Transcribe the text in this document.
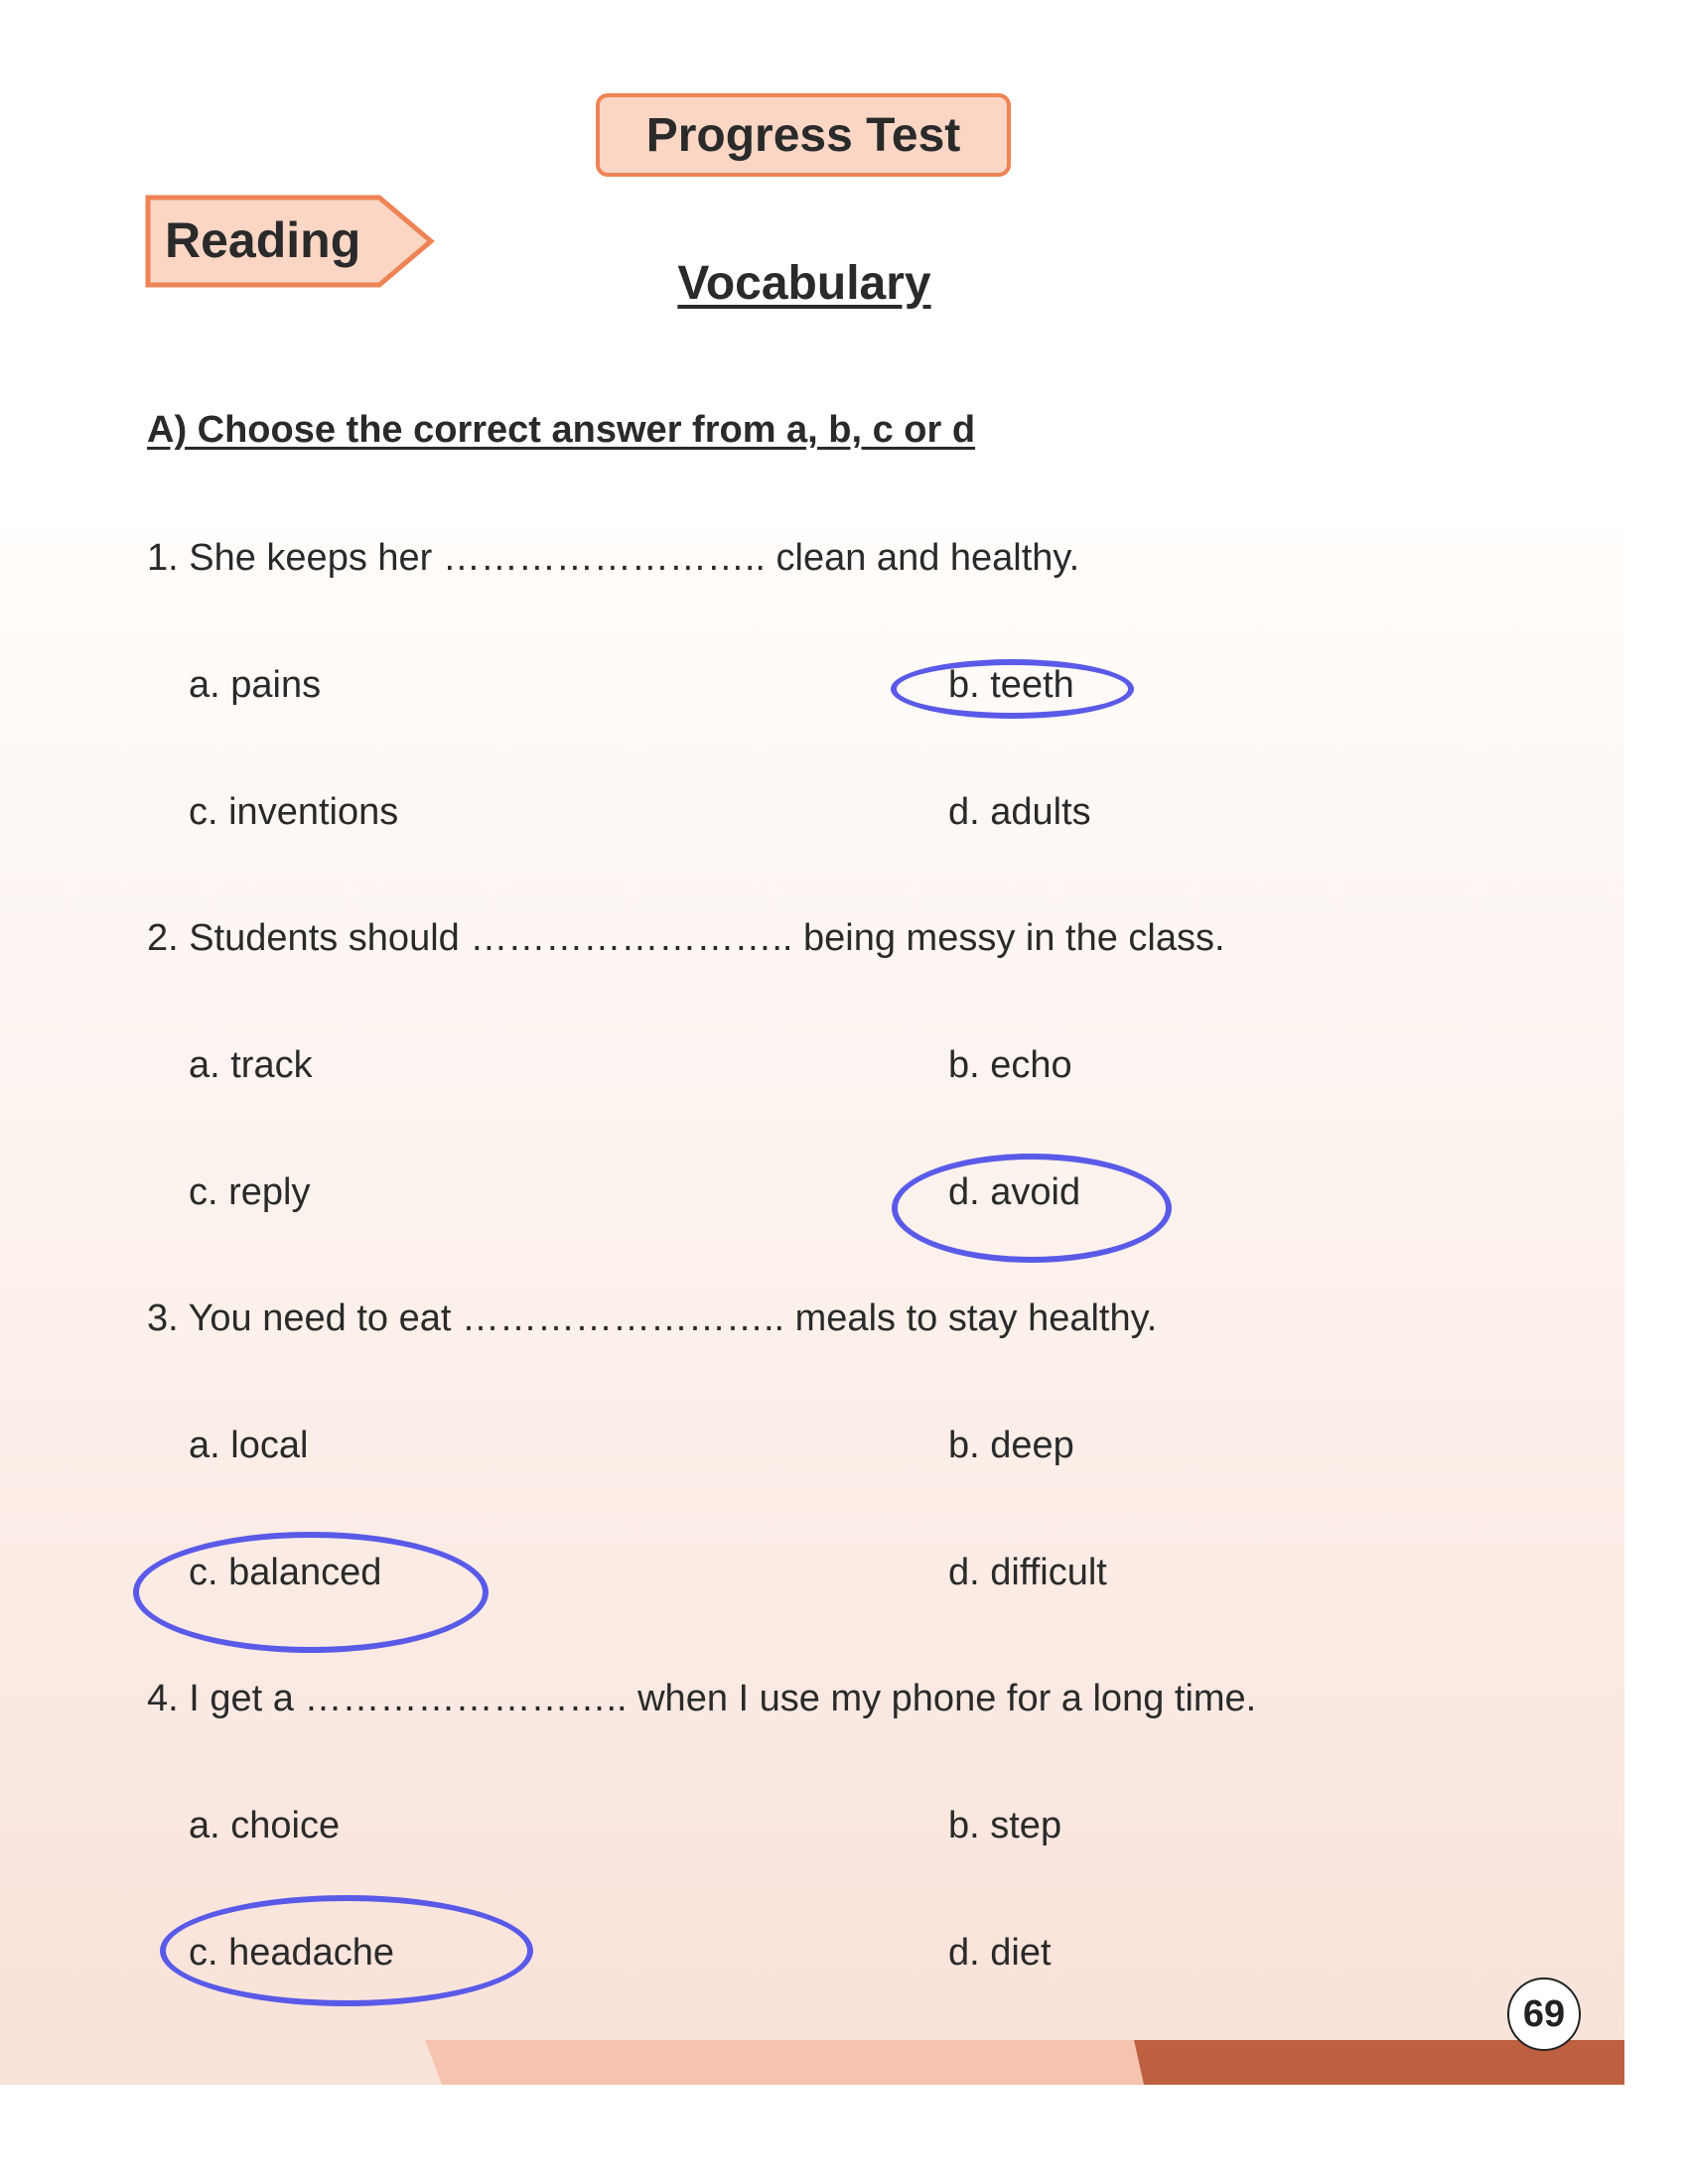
Progress Test
Reading
Vocabulary
A) Choose the correct answer from a, b, c or d
1. She keeps her …………………….. clean and healthy.
a. pains	b. teeth
c. inventions	d. adults
2. Students should …………………….. being messy in the class.
a. track	b. echo
c. reply	d. avoid
3. You need to eat …………………….. meals to stay healthy.
a. local	b. deep
c. balanced	d. difficult
4. I get a …………………….. when I use my phone for a long time.
a. choice	b. step
c. headache	d. diet
69
